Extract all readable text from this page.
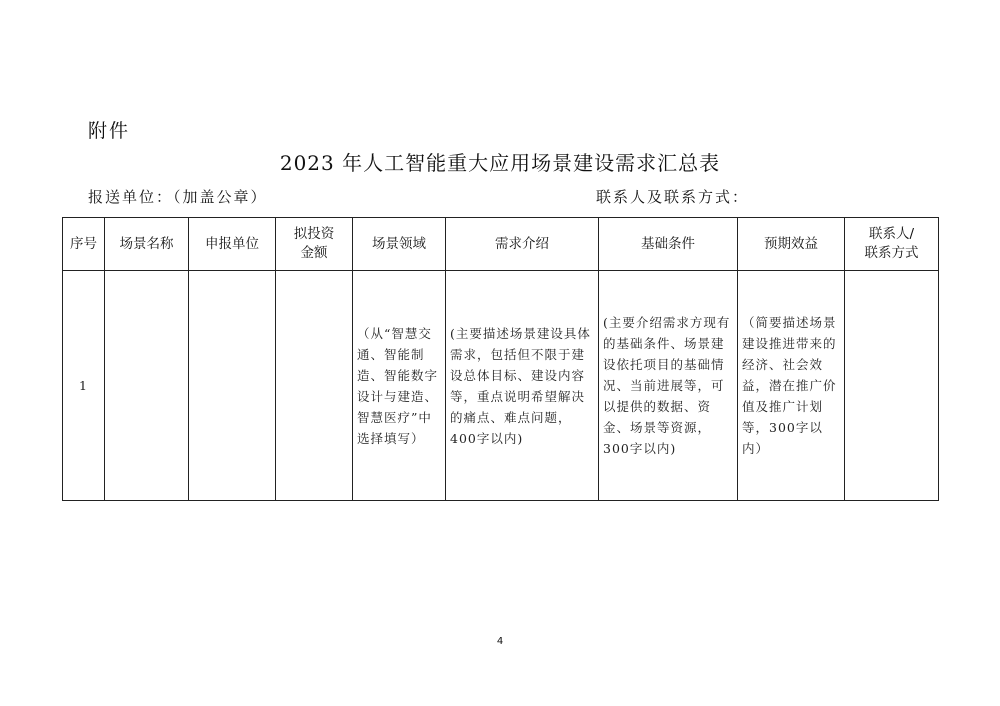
附件
2023 年人工智能重大应用场景建设需求汇总表
报送单位：（加盖公章）	联系人及联系方式：
序号	场景名称	申报单位	拟投资
金额	场景领域	需求介绍	基础条件	预期效益	联系人/
联系方式
1				（从“智慧交通、智能制造、智能数字设计与建造、智慧医疗”中选择填写）	(主要描述场景建设具体需求，包括但不限于建设总体目标、建设内容等，重点说明希望解决的痛点、难点问题，400字以内)	(主要介绍需求方现有的基础条件、场景建设依托项目的基础情况、当前进展等，可以提供的数据、资金、场景等资源，300字以内)	（简要描述场景建设推进带来的经济、社会效益，潜在推广价值及推广计划等，300字以内）	
4
